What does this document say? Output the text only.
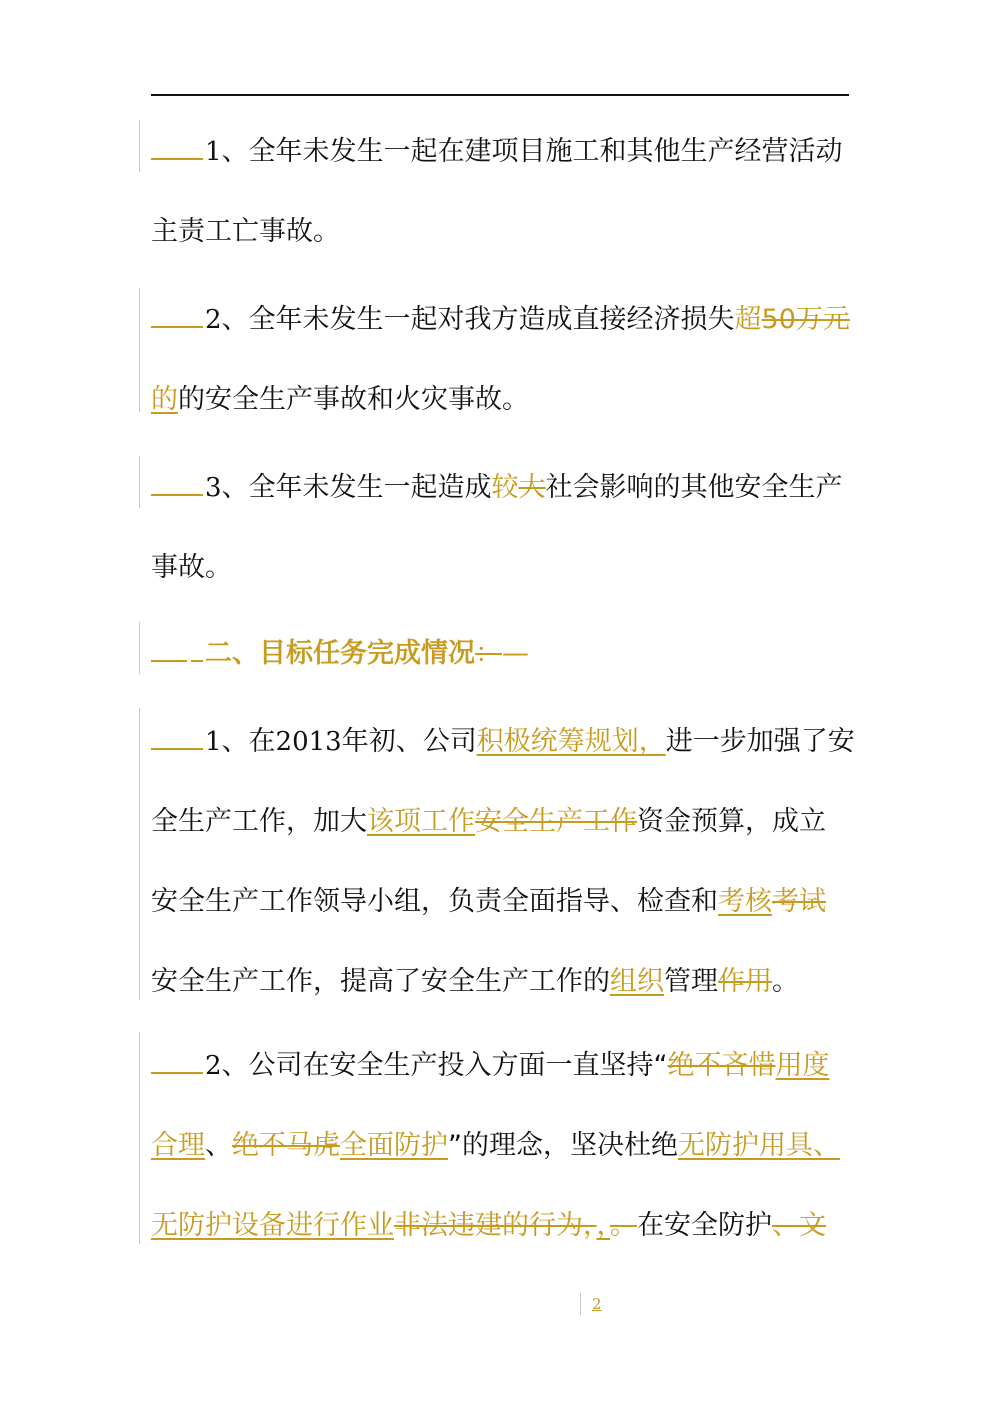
1、全年未发生一起在建项目施工和其他生产经营活动
主责工亡事故。
2、全年未发生一起对我方造成直接经济损失超50万元
的的安全生产事故和火灾事故。
3、全年未发生一起造成较大社会影响的其他安全生产
事故。
二、目标任务完成情况：—
1、在2013年初、公司积极统筹规划，进一步加强了安
全生产工作，加大该项工作安全生产工作资金预算，成立
安全生产工作领导小组，负责全面指导、检查和考核考试
安全生产工作，提高了安全生产工作的组织管理作用。
2、公司在安全生产投入方面一直坚持“绝不吝惜用度
合理、绝不马虎全面防护”的理念，坚决杜绝无防护用具、
无防护设备进行作业非法违建的行为，，。在安全防护、文
2
